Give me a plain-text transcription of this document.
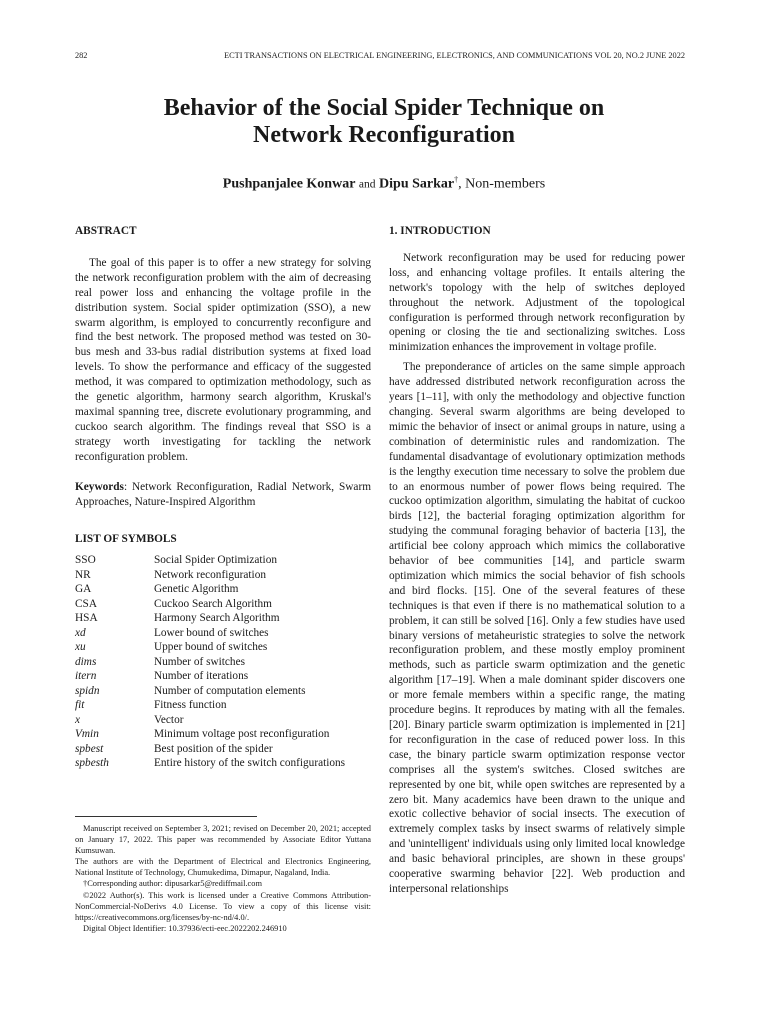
282	ECTI TRANSACTIONS ON ELECTRICAL ENGINEERING, ELECTRONICS, AND COMMUNICATIONS VOL 20, NO.2 JUNE 2022
Behavior of the Social Spider Technique on
Network Reconfiguration
Pushpanjalee Konwar and Dipu Sarkar†, Non-members

ABSTRACT

The goal of this paper is to offer a new strategy for solving the network reconfiguration problem with the aim of decreasing real power loss and enhancing the voltage profile in the distribution system. Social spider optimization (SSO), a new swarm algorithm, is employed to concurrently reconfigure and find the best network. The proposed method was tested on 30-bus mesh and 33-bus radial distribution systems at fixed load levels. To show the performance and efficacy of the suggested method, it was compared to optimization methodology, such as the genetic algorithm, harmony search algorithm, Kruskal's maximal spanning tree, discrete evolutionary programming, and cuckoo search algorithm. The findings reveal that SSO is a strategy worth investigating for tackling the network reconfiguration problem.

Keywords: Network Reconfiguration, Radial Network, Swarm Approaches, Nature-Inspired Algorithm

LIST OF SYMBOLS

SSO	Social Spider Optimization
NR	Network reconfiguration
GA	Genetic Algorithm
CSA	Cuckoo Search Algorithm
HSA	Harmony Search Algorithm
xd	Lower bound of switches
xu	Upper bound of switches
dims	Number of switches
itern	Number of iterations
spidn	Number of computation elements
fit	Fitness function
x	Vector
Vmin	Minimum voltage post reconfiguration
spbest	Best position of the spider
spbesth	Entire history of the switch configurations

Manuscript received on September 3, 2021; revised on December 20, 2021; accepted on January 17, 2022. This paper was recommended by Associate Editor Yuttana Kumsuwan.

The authors are with the Department of Electrical and Electronics Engineering, National Institute of Technology, Chumukedima, Dimapur, Nagaland, India.

†Corresponding author: dipusarkar5@rediffmail.com

©2022 Author(s). This work is licensed under a Creative Commons Attribution-NonCommercial-NoDerivs 4.0 License. To view a copy of this license visit: https://creativecommons.org/licenses/by-nc-nd/4.0/.

Digital Object Identifier: 10.37936/ecti-eec.2022202.246910

1. INTRODUCTION

Network reconfiguration may be used for reducing power loss, and enhancing voltage profiles. It entails altering the network's topology with the help of switches deployed throughout the network. Adjustment of the topological configuration is performed through network reconfiguration by opening or closing the tie and sectionalizing switches. Loss minimization enhances the improvement in voltage profile.

The preponderance of articles on the same simple approach have addressed distributed network reconfiguration across the years [1–11], with only the methodology and objective function changing. Several swarm algorithms are being developed to mimic the behavior of insect or animal groups in nature, using a combination of deterministic rules and randomization. The fundamental disadvantage of evolutionary optimization methods is the lengthy execution time necessary to solve the problem due to an enormous number of power flows being required. The cuckoo optimization algorithm, simulating the habitat of cuckoo birds [12], the bacterial foraging optimization algorithm for studying the communal foraging behavior of bacteria [13], the artificial bee colony approach which mimics the collaborative behavior of bee communities [14], and particle swarm optimization which mimics the social behavior of fish schools and bird flocks. [15]. One of the several features of these techniques is that even if there is no mathematical solution to a problem, it can still be solved [16]. Only a few studies have used binary versions of metaheuristic strategies to solve the network reconfiguration problem, and these mostly employ prominent methods, such as particle swarm optimization and the genetic algorithm [17–19]. When a male dominant spider discovers one or more female members within a specific range, the mating procedure begins. It reproduces by mating with all the females. [20]. Binary particle swarm optimization is implemented in [21] for reconfiguration in the case of reduced power loss. In this case, the binary particle swarm optimization response vector comprises all the system's switches. Closed switches are represented by one bit, while open switches are represented by a zero bit. Many academics have been drawn to the unique and exotic collective behavior of social insects. The execution of extremely complex tasks by insect swarms of relatively simple and 'unintelligent' individuals using only limited local knowledge and basic behavioral principles, are shown in these groups' cooperative swarming behavior [22]. Web production and interpersonal relationships
